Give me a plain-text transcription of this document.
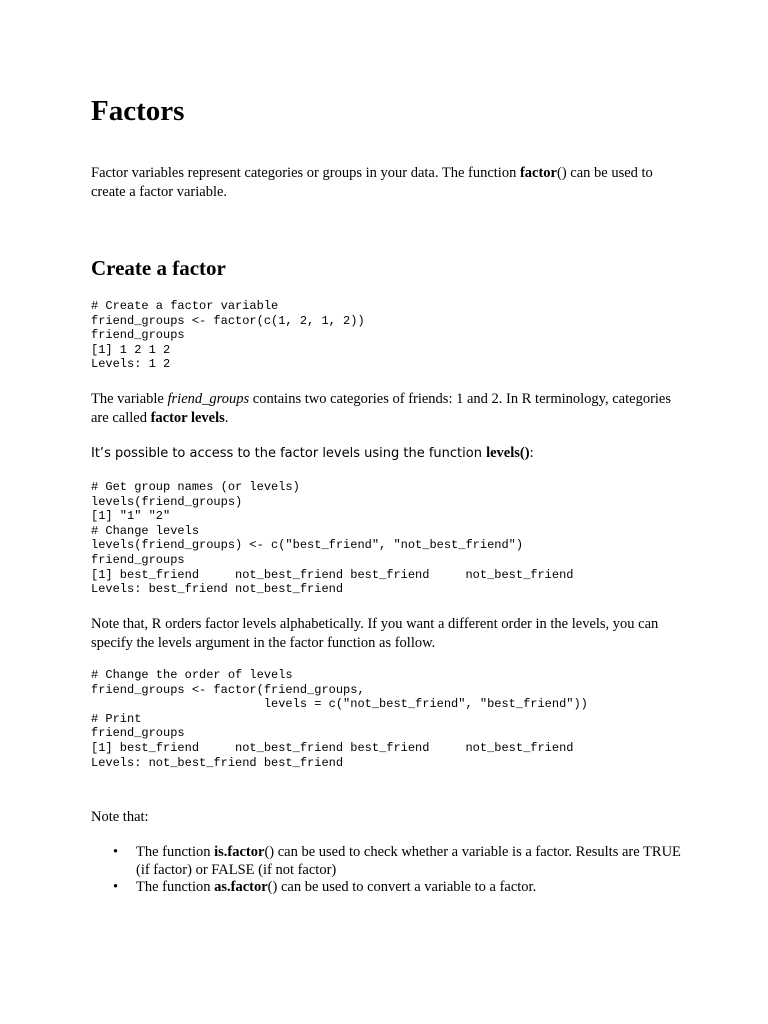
Factors

Factor variables represent categories or groups in your data. The function factor() can be used to create a factor variable.

Create a factor
# Create a factor variable
friend_groups <- factor(c(1, 2, 1, 2))
friend_groups
[1] 1 2 1 2
Levels: 1 2

The variable friend_groups contains two categories of friends: 1 and 2. In R terminology, categories are called factor levels.

It’s possible to access to the factor levels using the function levels():

# Get group names (or levels)
levels(friend_groups)
[1] "1" "2"
# Change levels
levels(friend_groups) <- c("best_friend", "not_best_friend")
friend_groups
[1] best_friend     not_best_friend best_friend     not_best_friend
Levels: best_friend not_best_friend

Note that, R orders factor levels alphabetically. If you want a different order in the levels, you can specify the levels argument in the factor function as follow.

# Change the order of levels
friend_groups <- factor(friend_groups,
levels = c("not_best_friend", "best_friend"))
# Print
friend_groups
[1] best_friend     not_best_friend best_friend     not_best_friend
Levels: not_best_friend best_friend

Note that:

• The function is.factor() can be used to check whether a variable is a factor. Results are TRUE (if factor) or FALSE (if not factor)
• The function as.factor() can be used to convert a variable to a factor.
